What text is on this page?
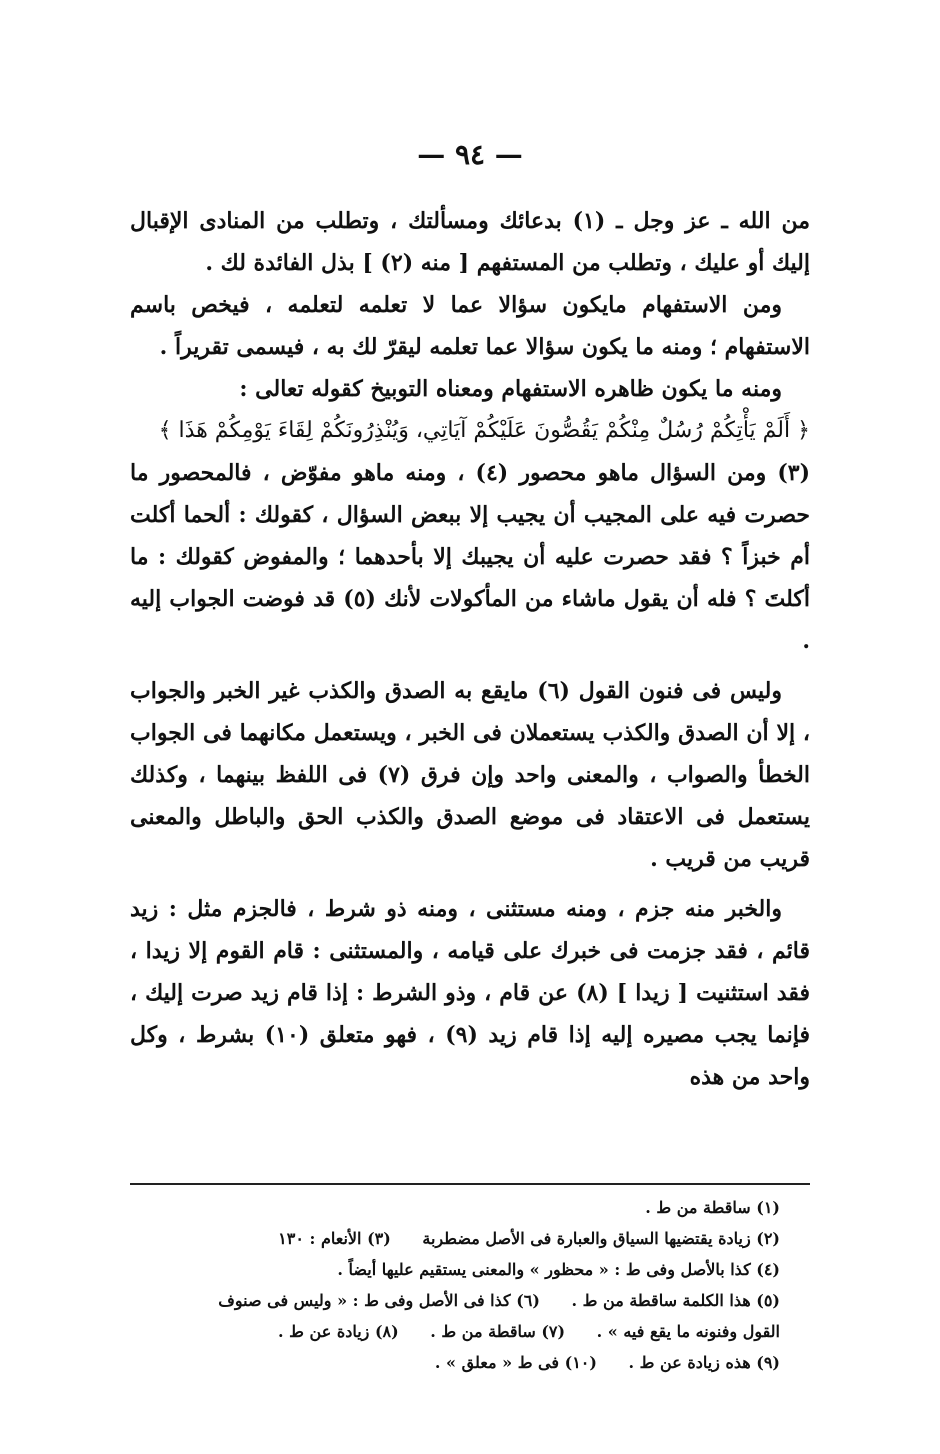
— ٩٤ —

من الله ـ عز وجل ـ (١) بدعائك ومسألتك ، وتطلب من المنادى الإقبال إليك أو عليك ، وتطلب من المستفهم [ منه (٢) ] بذل الفائدة لك .

ومن الاستفهام مايكون سؤالا عما لا تعلمه لتعلمه ، فيخص باسم الاستفهام ؛ ومنه ما يكون سؤالا عما تعلمه ليقرّ لك به ، فيسمى تقريراً .

ومنه ما يكون ظاهره الاستفهام ومعناه التوبيخ كقوله تعالى :

﴿ أَلَمْ يَأْتِكُمْ رُسُلٌ مِنْكُمْ يَقُصُّونَ عَلَيْكُمْ آيَاتِي، وَيُنْذِرُونَكُمْ لِقَاءَ يَوْمِكُمْ هَذَا ﴾

(٣) ومن السؤال ماهو محصور (٤) ، ومنه ماهو مفوّض ، فالمحصور ما حصرت فيه على المجيب أن يجيب إلا ببعض السؤال ، كقولك : ألحما أكلت أم خبزاً ؟ فقد حصرت عليه أن يجيبك إلا بأحدهما ؛ والمفوض كقولك : ما أكلتَ ؟ فله أن يقول ماشاء من المأكولات لأنك (٥) قد فوضت الجواب إليه .

وليس فى فنون القول (٦) مايقع به الصدق والكذب غير الخبر والجواب ، إلا أن الصدق والكذب يستعملان فى الخبر ، ويستعمل مكانهما فى الجواب الخطأ والصواب ، والمعنى واحد وإن فرق (٧) فى اللفظ بينهما ، وكذلك يستعمل فى الاعتقاد فى موضع الصدق والكذب الحق والباطل والمعنى قريب من قريب .

والخبر منه جزم ، ومنه مستثنى ، ومنه ذو شرط ، فالجزم مثل : زيد قائم ، فقد جزمت فى خبرك على قيامه ، والمستثنى : قام القوم إلا زيدا ، فقد استثنيت [ زيدا ] (٨) عن قام ، وذو الشرط : إذا قام زيد صرت إليك ، فإنما يجب مصيره إليه إذا قام زيد (٩) ، فهو متعلق (١٠) بشرط ، وكل واحد من هذه

(١) ساقطة من ط .
(٢) زيادة يقتضيها السياق والعبارة فى الأصل مضطربة (٣) الأنعام : ١٣٠
(٤) كذا بالأصل وفى ط : « محظور » والمعنى يستقيم عليها أيضاً .
(٥) هذا الكلمة ساقطة من ط . (٦) كذا فى الأصل وفى ط : « وليس فى صنوف
القول وفنونه ما يقع فيه » . (٧) ساقطة من ط . (٨) زيادة عن ط .
(٩) هذه زيادة عن ط . (١٠) فى ط « معلق » .
